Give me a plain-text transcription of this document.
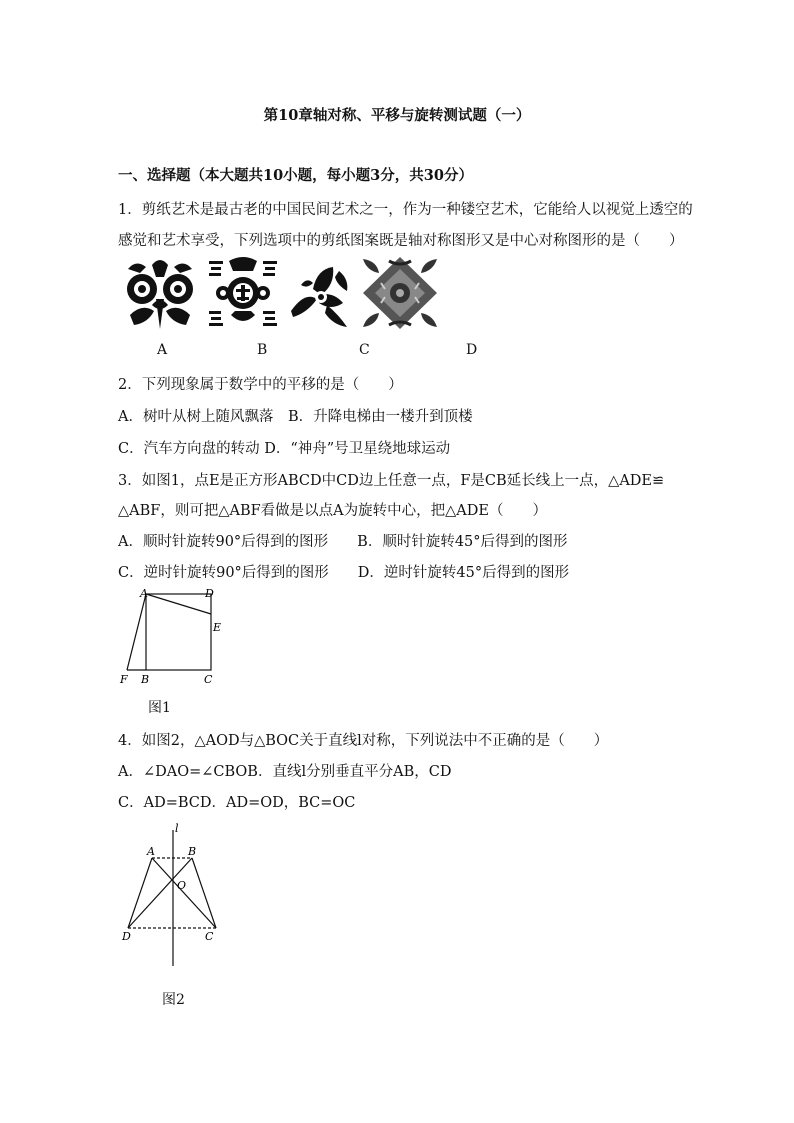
第10章轴对称、平移与旋转测试题（一）
一、选择题（本大题共10小题，每小题3分，共30分）
1．剪纸艺术是最古老的中国民间艺术之一，作为一种镂空艺术，它能给人以视觉上透空的
感觉和艺术享受，下列选项中的剪纸图案既是轴对称图形又是中心对称图形的是（　　）
A	B	C	D
2．下列现象属于数学中的平移的是（　　）
A．树叶从树上随风飘落　B．升降电梯由一楼升到顶楼
C．汽车方向盘的转动 D．“神舟”号卫星绕地球运动
3．如图1，点E是正方形ABCD中CD边上任意一点，F是CB延长线上一点，△ADE≌
△ABF，则可把△ABF看做是以点A为旋转中心，把△ADE（　　）
A．顺时针旋转90°后得到的图形　　B．顺时针旋转45°后得到的图形
C．逆时针旋转90°后得到的图形　　D．逆时针旋转45°后得到的图形
A	D
E
F B	C
图1
4．如图2，△AOD与△BOC关于直线l对称，下列说法中不正确的是（　　）
A．∠DAO=∠CBOB．直线l分别垂直平分AB，CD
C．AD=BCD．AD=OD，BC=OC
l
A	B
O
D	C
图2
